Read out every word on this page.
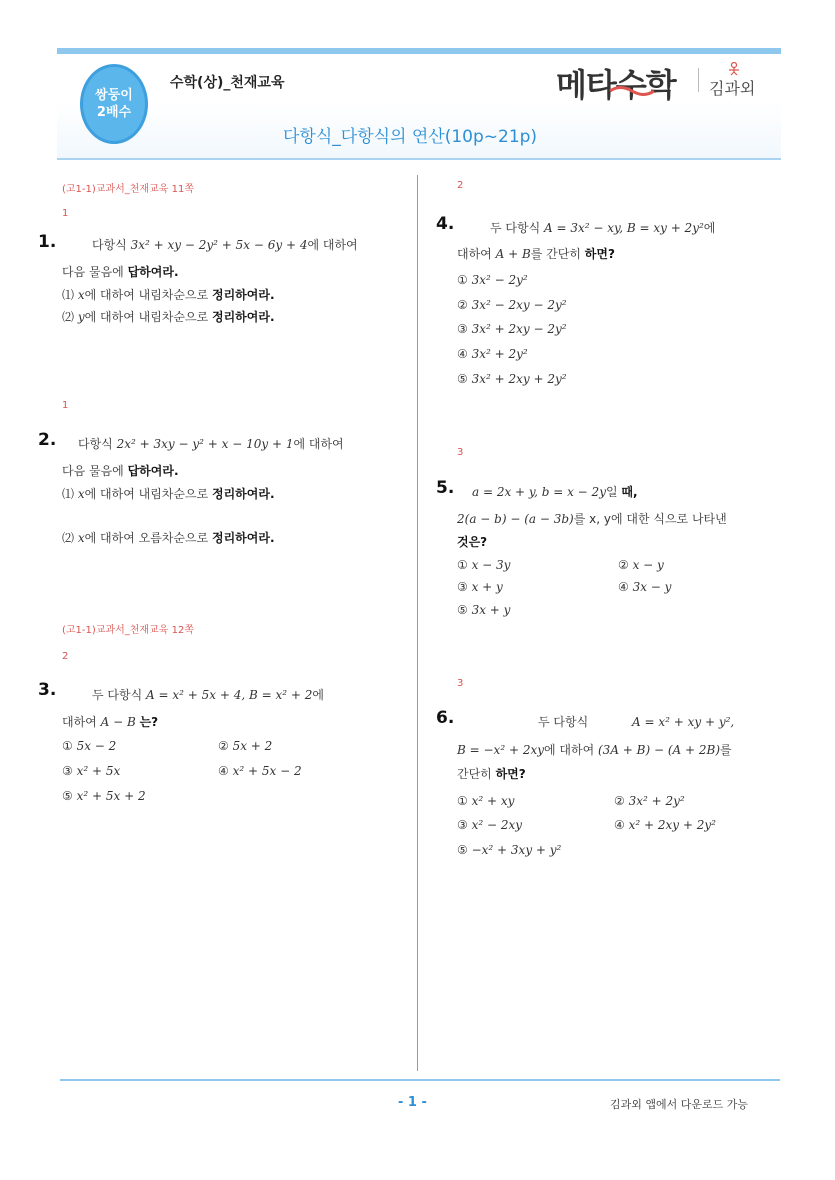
쌍둥이
2배수
수학(상)_천재교육	메타수학 김과외
다항식_다항식의 연산(10p~21p)
(고1-1)교과서_천재교육 11쪽
1
1.	다항식 3x² + xy − 2y² + 5x − 6y + 4에 대하여
다음 물음에 답하여라.
⑴ x에 대하여 내림차순으로 정리하여라.
⑵ y에 대하여 내림차순으로 정리하여라.
1
2. 다항식 2x² + 3xy − y² + x − 10y + 1에 대하여
다음 물음에 답하여라.
⑴ x에 대하여 내림차순으로 정리하여라.
⑵ x에 대하여 오름차순으로 정리하여라.
(고1-1)교과서_천재교육 12쪽
2
3.	두 다항식 A = x² + 5x + 4, B = x² + 2에
대하여 A − B 는?
① 5x − 2	② 5x + 2
③ x² + 5x	④ x² + 5x − 2
⑤ x² + 5x + 2
2
4.	두 다항식 A = 3x² − xy, B = xy + 2y²에
대하여 A + B를 간단히 하면?
① 3x² − 2y²
② 3x² − 2xy − 2y²
③ 3x² + 2xy − 2y²
④ 3x² + 2y²
⑤ 3x² + 2xy + 2y²
3
5. a = 2x + y, b = x − 2y일 때,
2(a − b) − (a − 3b)를 x, y에 대한 식으로 나타낸
것은?
① x − 3y	② x − y
③ x + y	④ 3x − y
⑤ 3x + y
3
6.	두 다항식	A = x² + xy + y²,
B = −x² + 2xy에 대하여 (3A + B) − (A + 2B)를
간단히 하면?
① x² + xy	② 3x² + 2y²
③ x² − 2xy	④ x² + 2xy + 2y²
⑤ −x² + 3xy + y²
- 1 -	김과외 앱에서 다운로드 가능
